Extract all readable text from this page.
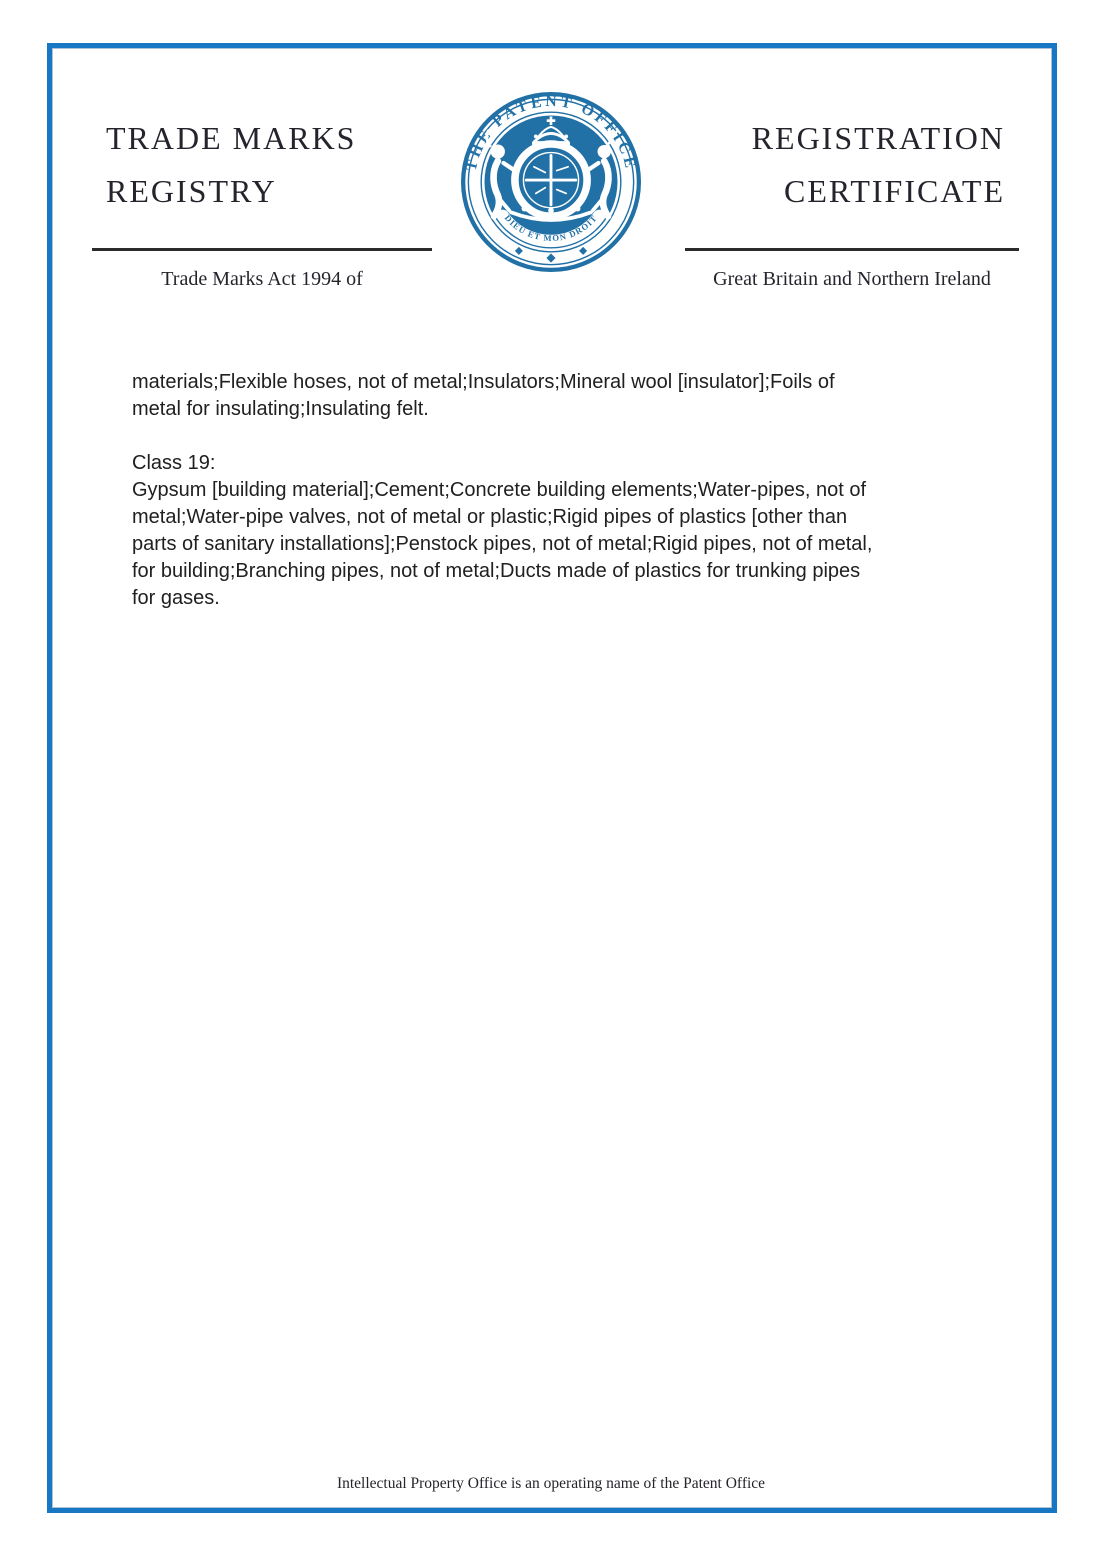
TRADE MARKS
REGISTRY
Trade Marks Act 1994 of
REGISTRATION
CERTIFICATE
Great Britain and Northern Ireland
THE PATENT OFFICE
DIEU ET MON DROIT
materials;Flexible hoses, not of metal;Insulators;Mineral wool [insulator];Foils of
metal for insulating;Insulating felt.
Class 19:
Gypsum [building material];Cement;Concrete building elements;Water-pipes, not of
metal;Water-pipe valves, not of metal or plastic;Rigid pipes of plastics [other than
parts of sanitary installations];Penstock pipes, not of metal;Rigid pipes, not of metal,
for building;Branching pipes, not of metal;Ducts made of plastics for trunking pipes
for gases.
Intellectual Property Office is an operating name of the Patent Office
